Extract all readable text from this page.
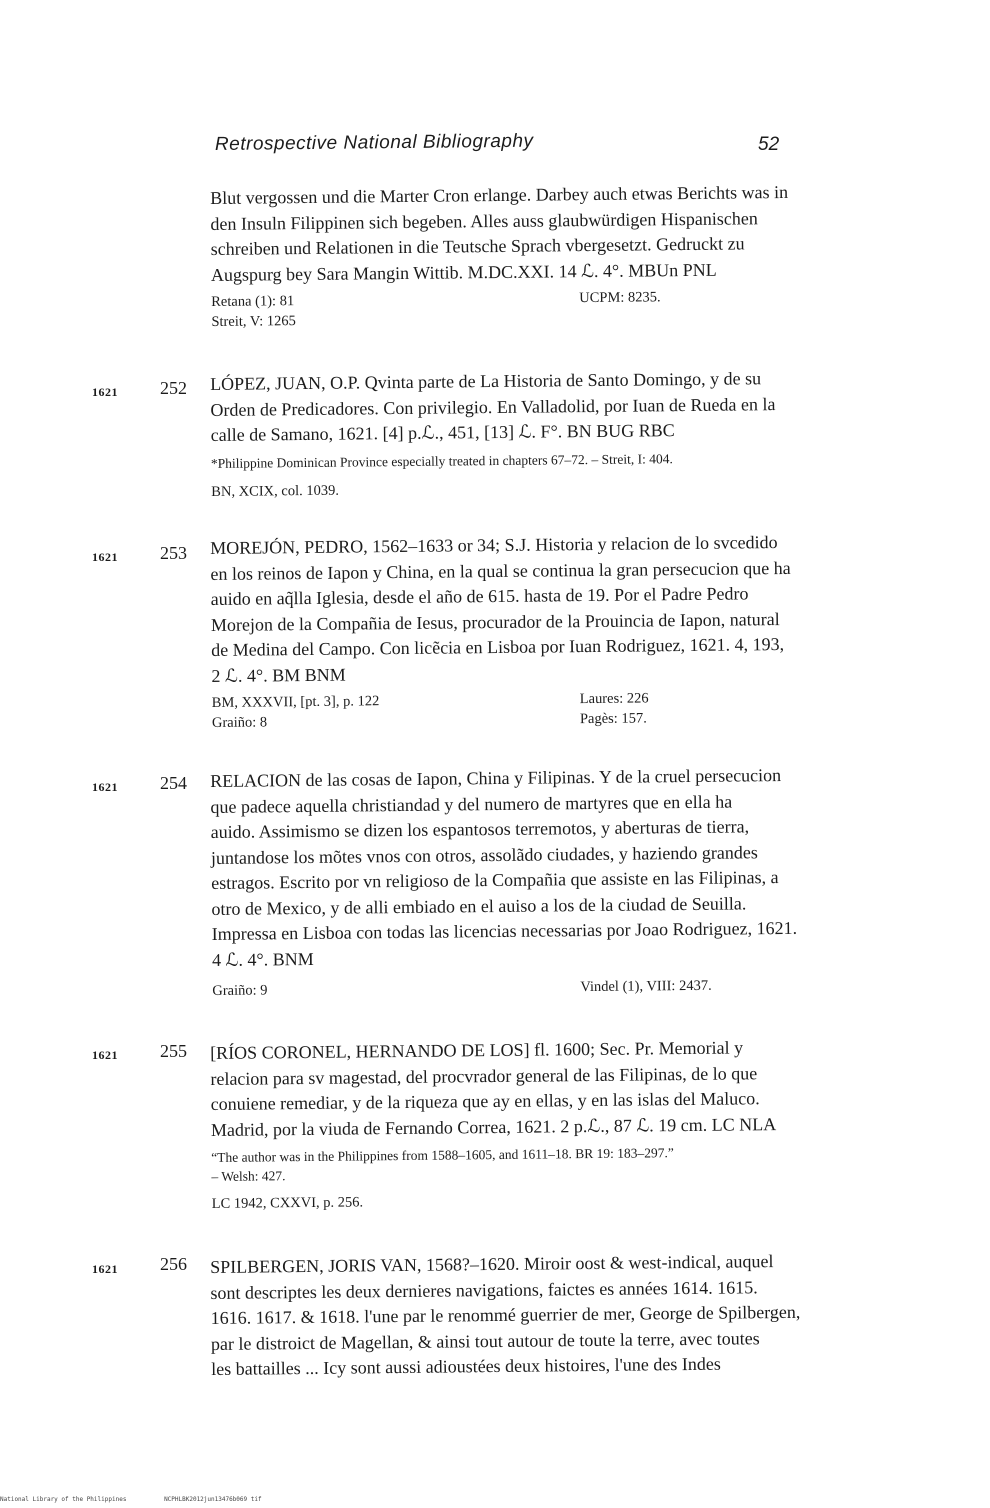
Retrospective National Bibliography	52
Blut vergossen und die Marter Cron erlange. Darbey auch etwas Berichts was in
den Insuln Filippinen sich begeben. Alles auss glaubwürdigen Hispanischen
schreiben und Relationen in die Teutsche Sprach vbergesetzt. Gedruckt zu
Augspurg bey Sara Mangin Wittib. M.DC.XXI. 14 ℒ. 4°. MBUn PNL
Retana (1): 81
Streit, V: 1265
UCPM: 8235.
1621 252 LÓPEZ, JUAN, O.P. Qvinta parte de La Historia de Santo Domingo, y de su
Orden de Predicadores. Con privilegio. En Valladolid, por Iuan de Rueda en la
calle de Samano, 1621. [4] p.ℒ., 451, [13] ℒ. F°. BN BUG RBC
*Philippine Dominican Province especially treated in chapters 67–72. – Streit, I: 404.
BN, XCIX, col. 1039.
1621 253 MOREJÓN, PEDRO, 1562–1633 or 34; S.J. Historia y relacion de lo svcedido
en los reinos de Iapon y China, en la qual se continua la gran persecucion que ha
auido en aq̃lla Iglesia, desde el año de 615. hasta de 19. Por el Padre Pedro
Morejon de la Compañia de Iesus, procurador de la Prouincia de Iapon, natural
de Medina del Campo. Con licẽcia en Lisboa por Iuan Rodriguez, 1621. 4, 193,
2 ℒ. 4°. BM BNM
BM, XXXVII, [pt. 3], p. 122
Graiño: 8
Laures: 226
Pagès: 157.
1621 254 RELACION de las cosas de Iapon, China y Filipinas. Y de la cruel persecucion
que padece aquella christiandad y del numero de martyres que en ella ha
auido. Assimismo se dizen los espantosos terremotos, y aberturas de tierra,
juntandose los mõtes vnos con otros, assolãdo ciudades, y haziendo grandes
estragos. Escrito por vn religioso de la Compañia que assiste en las Filipinas, a
otro de Mexico, y de alli embiado en el auiso a los de la ciudad de Seuilla.
Impressa en Lisboa con todas las licencias necessarias por Joao Rodriguez, 1621.
4 ℒ. 4°. BNM
Graiño: 9	Vindel (1), VIII: 2437.
1621 255 [RÍOS CORONEL, HERNANDO DE LOS] fl. 1600; Sec. Pr. Memorial y
relacion para sv magestad, del procvrador general de las Filipinas, de lo que
conuiene remediar, y de la riqueza que ay en ellas, y en las islas del Maluco.
Madrid, por la viuda de Fernando Correa, 1621. 2 p.ℒ., 87 ℒ. 19 cm. LC NLA
“The author was in the Philippines from 1588–1605, and 1611–18. BR 19: 183–297.”
– Welsh: 427.
LC 1942, CXXVI, p. 256.
1621 256 SPILBERGEN, JORIS VAN, 1568?–1620. Miroir oost & west-indical, auquel
sont descriptes les deux dernieres navigations, faictes es années 1614. 1615.
1616. 1617. & 1618. l'une par le renommé guerrier de mer, George de Spilbergen,
par le distroict de Magellan, & ainsi tout autour de toute la terre, avec toutes
les battailles ... Icy sont aussi adioustées deux histoires, l'une des Indes
National Library of the Philippines	NCPHLBK2012jun13476b069 tif
